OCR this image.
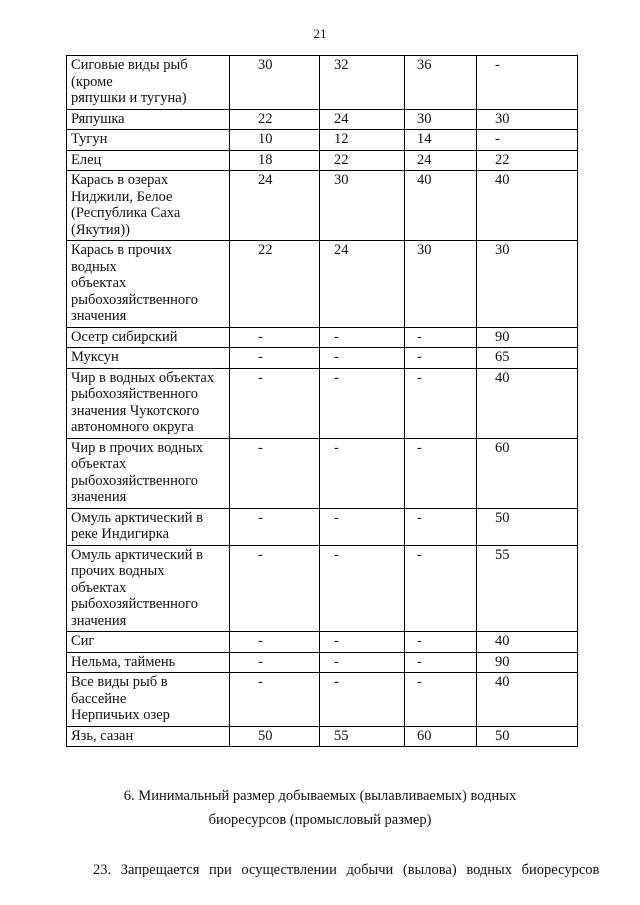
21
Сиговые виды рыб
(кроме
ряпушки и тугуна)	30	32	36	-

Ряпушка	22	24	30	30

Тугун	10	12	14	-

Елец	18	22	24	22

Карась в озерах
Ниджили, Белое
(Республика Саха
(Якутия))	24	30	40	40

Карась в прочих
водных
объектах
рыбохозяйственного
значения	22	24	30	30

Осетр сибирский	-	-	-	90

Муксун	-	-	-	65

Чир в водных объектах
рыбохозяйственного
значения Чукотского
автономного округа	-	-	-	40

Чир в прочих водных
объектах
рыбохозяйственного
значения	-	-	-	60

Омуль арктический в
реке Индигирка	-	-	-	50

Омуль арктический в
прочих водных
объектах
рыбохозяйственного
значения	-	-	-	55

Сиг	-	-	-	40

Нельма, таймень	-	-	-	90

Все виды рыб в
бассейне
Нерпичьих озер	-	-	-	40

Язь, сазан	50	55	60	50
6. Минимальный размер добываемых (вылавливаемых) водных
биоресурсов (промысловый размер)
23. Запрещается при осуществлении добычи (вылова) водных биоресурсов
